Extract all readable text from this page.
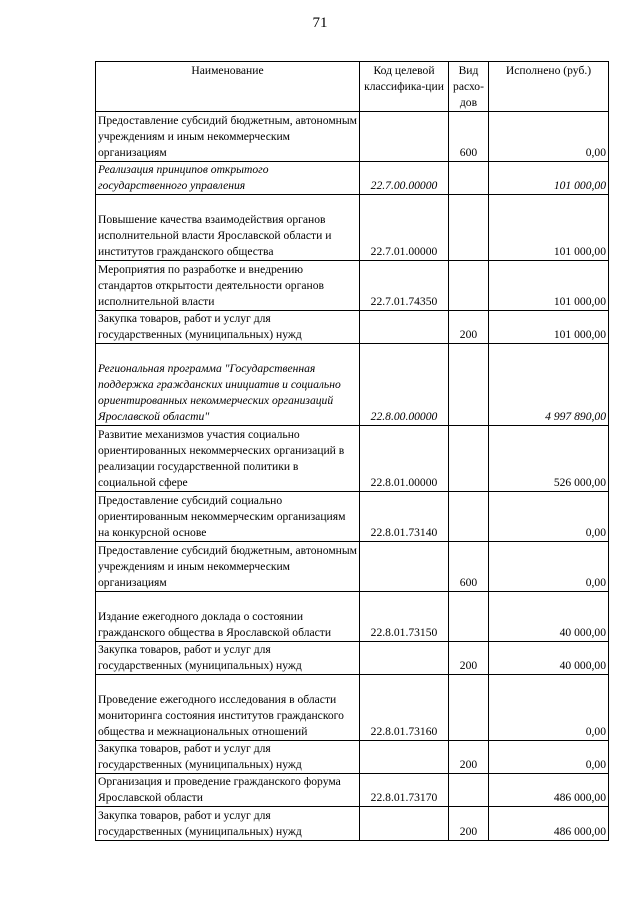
71
Наименование	Код целевой классифика-ции	Вид расхо-дов	Исполнено (руб.)
Предоставление субсидий бюджетным, автономным учреждениям и иным некоммерческим организациям		600	0,00
Реализация принципов открытого государственного управления	22.7.00.00000		101 000,00
Повышение качества взаимодействия органов исполнительной власти Ярославской области и институтов гражданского общества	22.7.01.00000		101 000,00
Мероприятия по разработке и внедрению стандартов открытости деятельности органов исполнительной власти	22.7.01.74350		101 000,00
Закупка товаров, работ и услуг для государственных (муниципальных) нужд		200	101 000,00
Региональная программа "Государственная поддержка гражданских инициатив и социально ориентированных некоммерческих организаций Ярославской области"	22.8.00.00000		4 997 890,00
Развитие механизмов участия социально ориентированных некоммерческих организаций в реализации государственной политики в социальной сфере	22.8.01.00000		526 000,00
Предоставление субсидий социально ориентированным некоммерческим организациям на конкурсной основе	22.8.01.73140		0,00
Предоставление субсидий бюджетным, автономным учреждениям и иным некоммерческим организациям		600	0,00
Издание ежегодного доклада о состоянии гражданского общества в Ярославской области	22.8.01.73150		40 000,00
Закупка товаров, работ и услуг для государственных (муниципальных) нужд		200	40 000,00
Проведение ежегодного исследования в области мониторинга состояния институтов гражданского общества и межнациональных отношений	22.8.01.73160		0,00
Закупка товаров, работ и услуг для государственных (муниципальных) нужд		200	0,00
Организация и проведение гражданского форума Ярославской области	22.8.01.73170		486 000,00
Закупка товаров, работ и услуг для государственных (муниципальных) нужд		200	486 000,00
